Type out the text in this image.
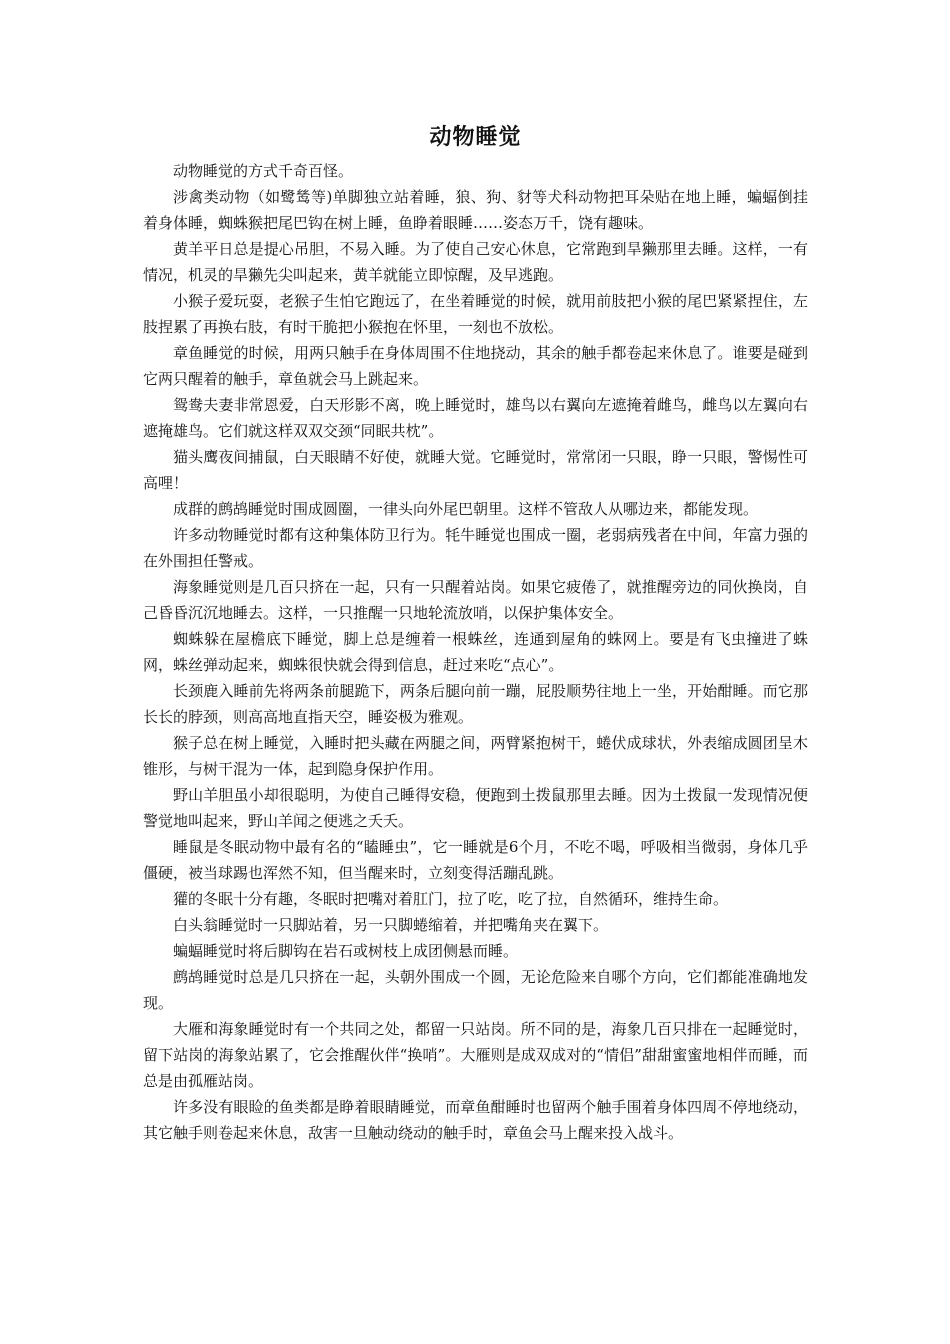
动物睡觉

动物睡觉的方式千奇百怪。

涉禽类动物（如鹭鸶等)单脚独立站着睡，狼、狗、豺等犬科动物把耳朵贴在地上睡，蝙蝠倒挂着身体睡，蜘蛛猴把尾巴钩在树上睡，鱼睁着眼睡……姿态万千，饶有趣味。

黄羊平日总是提心吊胆，不易入睡。为了使自己安心休息，它常跑到旱獭那里去睡。这样，一有情况，机灵的旱獭先尖叫起来，黄羊就能立即惊醒，及早逃跑。

小猴子爱玩耍，老猴子生怕它跑远了，在坐着睡觉的时候，就用前肢把小猴的尾巴紧紧捏住，左肢捏累了再换右肢，有时干脆把小猴抱在怀里，一刻也不放松。

章鱼睡觉的时候，用两只触手在身体周围不住地挠动，其余的触手都卷起来休息了。谁要是碰到它两只醒着的触手，章鱼就会马上跳起来。

鸳鸯夫妻非常恩爱，白天形影不离，晚上睡觉时，雄鸟以右翼向左遮掩着雌鸟，雌鸟以左翼向右遮掩雄鸟。它们就这样双双交颈“同眠共枕”。

猫头鹰夜间捕鼠，白天眼睛不好使，就睡大觉。它睡觉时，常常闭一只眼，睁一只眼，警惕性可高哩！

成群的鹧鸪睡觉时围成圆圈，一律头向外尾巴朝里。这样不管敌人从哪边来，都能发现。

许多动物睡觉时都有这种集体防卫行为。牦牛睡觉也围成一圈，老弱病残者在中间，年富力强的在外围担任警戒。

海象睡觉则是几百只挤在一起，只有一只醒着站岗。如果它疲倦了，就推醒旁边的同伙换岗，自己昏昏沉沉地睡去。这样，一只推醒一只地轮流放哨，以保护集体安全。

蜘蛛躲在屋檐底下睡觉，脚上总是缠着一根蛛丝，连通到屋角的蛛网上。要是有飞虫撞进了蛛网，蛛丝弹动起来，蜘蛛很快就会得到信息，赶过来吃“点心”。

长颈鹿入睡前先将两条前腿跪下，两条后腿向前一蹦，屁股顺势往地上一坐，开始酣睡。而它那长长的脖颈，则高高地直指天空，睡姿极为雅观。

猴子总在树上睡觉，入睡时把头藏在两腿之间，两臂紧抱树干，蜷伏成球状，外表缩成圆团呈木锥形，与树干混为一体，起到隐身保护作用。

野山羊胆虽小却很聪明，为使自己睡得安稳，便跑到土拨鼠那里去睡。因为土拨鼠一发现情况便警觉地叫起来，野山羊闻之便逃之夭夭。

睡鼠是冬眠动物中最有名的“瞌睡虫”，它一睡就是6个月，不吃不喝，呼吸相当微弱，身体几乎僵硬，被当球踢也浑然不知，但当醒来时，立刻变得活蹦乱跳。

獾的冬眠十分有趣，冬眠时把嘴对着肛门，拉了吃，吃了拉，自然循环，维持生命。

白头翁睡觉时一只脚站着，另一只脚蜷缩着，并把嘴角夹在翼下。

蝙蝠睡觉时将后脚钩在岩石或树枝上成团侧悬而睡。

鹧鸪睡觉时总是几只挤在一起，头朝外围成一个圆，无论危险来自哪个方向，它们都能准确地发现。

大雁和海象睡觉时有一个共同之处，都留一只站岗。所不同的是，海象几百只排在一起睡觉时，留下站岗的海象站累了，它会推醒伙伴“换哨”。大雁则是成双成对的“情侣”甜甜蜜蜜地相伴而睡，而总是由孤雁站岗。

许多没有眼睑的鱼类都是睁着眼睛睡觉，而章鱼酣睡时也留两个触手围着身体四周不停地绕动，其它触手则卷起来休息，敌害一旦触动绕动的触手时，章鱼会马上醒来投入战斗。
